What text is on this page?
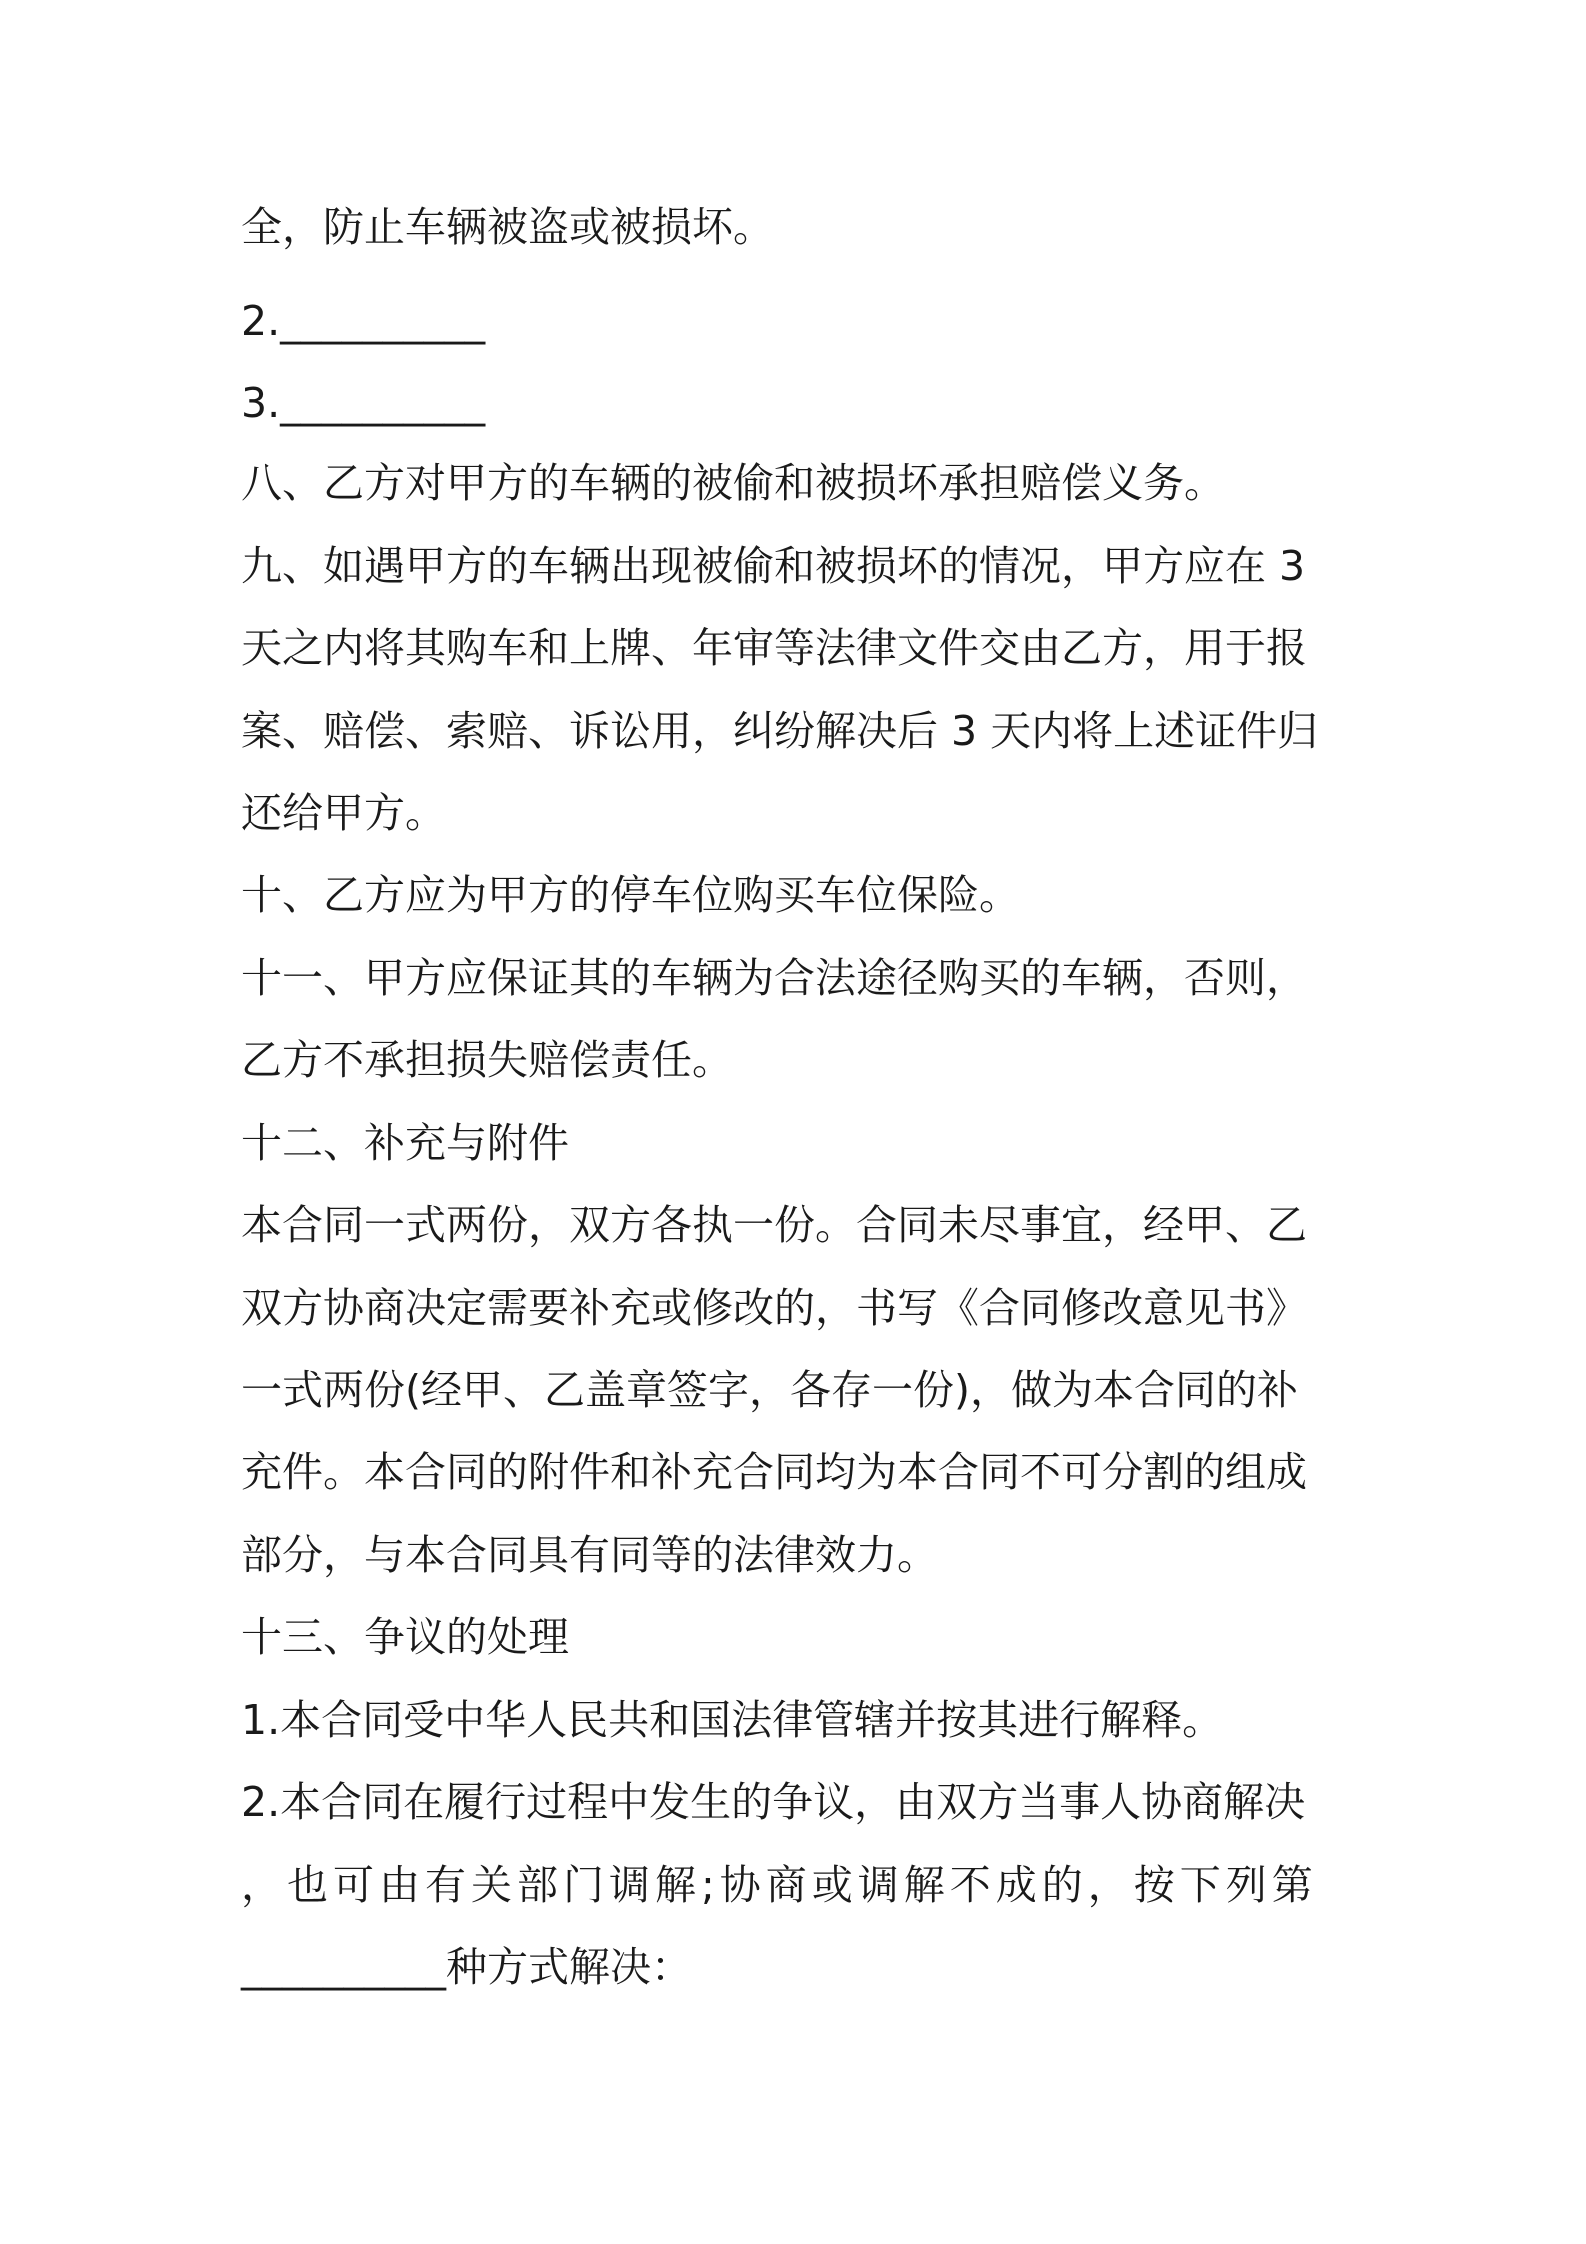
全，防止车辆被盗或被损坏。
2.__________
3.__________
八、乙方对甲方的车辆的被偷和被损坏承担赔偿义务。
九、如遇甲方的车辆出现被偷和被损坏的情况，甲方应在 3
天之内将其购车和上牌、年审等法律文件交由乙方，用于报
案、赔偿、索赔、诉讼用，纠纷解决后 3 天内将上述证件归
还给甲方。
十、乙方应为甲方的停车位购买车位保险。
十一、甲方应保证其的车辆为合法途径购买的车辆，否则，
乙方不承担损失赔偿责任。
十二、补充与附件
本合同一式两份，双方各执一份。合同未尽事宜，经甲、乙
双方协商决定需要补充或修改的，书写《合同修改意见书》
一式两份(经甲、乙盖章签字，各存一份)，做为本合同的补
充件。本合同的附件和补充合同均为本合同不可分割的组成
部分，与本合同具有同等的法律效力。
十三、争议的处理
1.本合同受中华人民共和国法律管辖并按其进行解释。
2.本合同在履行过程中发生的争议，由双方当事人协商解决
，也可由有关部门调解;协商或调解不成的，按下列第
__________种方式解决：
